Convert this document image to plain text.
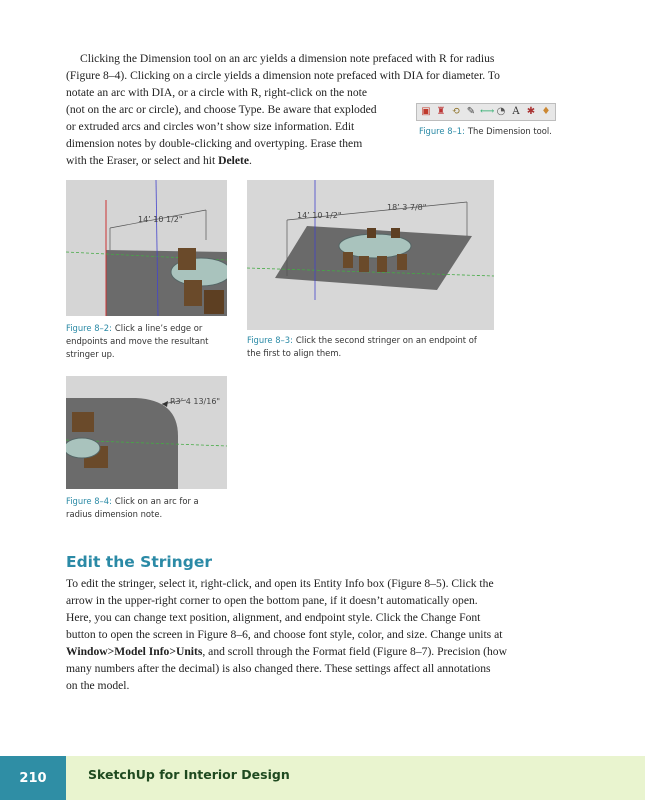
Clicking the Dimension tool on an arc yields a dimension note prefaced with R for radius
(Figure 8–4). Clicking on a circle yields a dimension note prefaced with DIA for diameter. To
notate an arc with DIA, or a circle with R, right-click on the note
(not on the arc or circle), and choose Type. Be aware that exploded
or extruded arcs and circles won’t show size information. Edit
dimension notes by double-clicking and overtyping. Erase them
with the Eraser, or select and hit Delete.
▣ ♜ ⟲ ✎ ⟷ ◔ A ✱ ♦
Figure 8–1: The Dimension tool.
14’ 10 1/2"
Figure 8–2: Click a line’s edge or
endpoints and move the resultant
stringer up.
14’ 10 1/2"
18’ 3 7/8"
Figure 8–3: Click the second stringer on an endpoint of
the first to align them.
R3’ 4 13/16"
Figure 8–4: Click on an arc for a
radius dimension note.
Edit the Stringer
To edit the stringer, select it, right-click, and open its Entity Info box (Figure 8–5). Click the
arrow in the upper-right corner to open the bottom pane, if it doesn’t automatically open.
Here, you can change text position, alignment, and endpoint style. Click the Change Font
button to open the screen in Figure 8–6, and choose font style, color, and size. Change units at
Window>Model Info>Units, and scroll through the Format field (Figure 8–7). Precision (how
many numbers after the decimal) is also changed there. These settings affect all annotations
on the model.
210	SketchUp for Interior Design
